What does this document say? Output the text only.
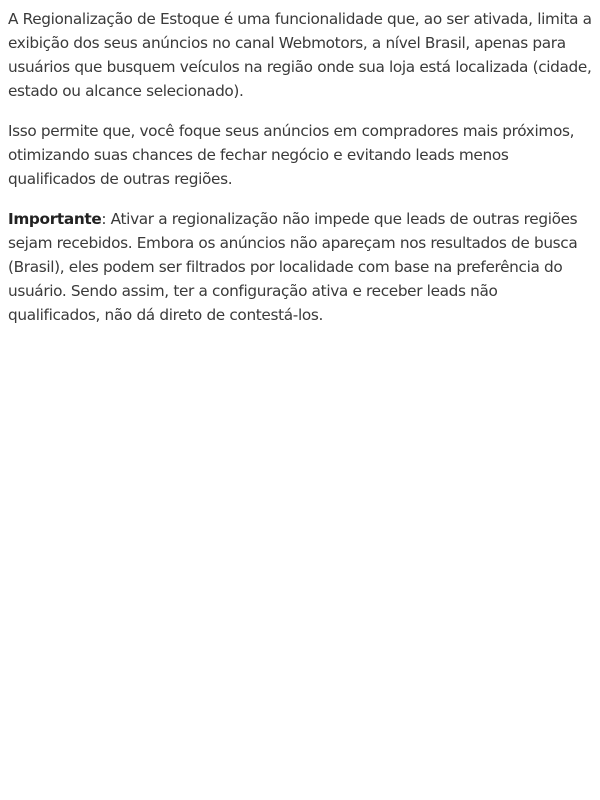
A Regionalização de Estoque é uma funcionalidade que, ao ser ativada, limita a exibição dos seus anúncios no canal Webmotors, a nível Brasil, apenas para usuários que busquem veículos na região onde sua loja está localizada (cidade, estado ou alcance selecionado).

Isso permite que, você foque seus anúncios em compradores mais próximos, otimizando suas chances de fechar negócio e evitando leads menos qualificados de outras regiões.

Importante: Ativar a regionalização não impede que leads de outras regiões sejam recebidos. Embora os anúncios não apareçam nos resultados de busca (Brasil), eles podem ser filtrados por localidade com base na preferência do usuário. Sendo assim, ter a configuração ativa e receber leads não qualificados, não dá direto de contestá-los.
